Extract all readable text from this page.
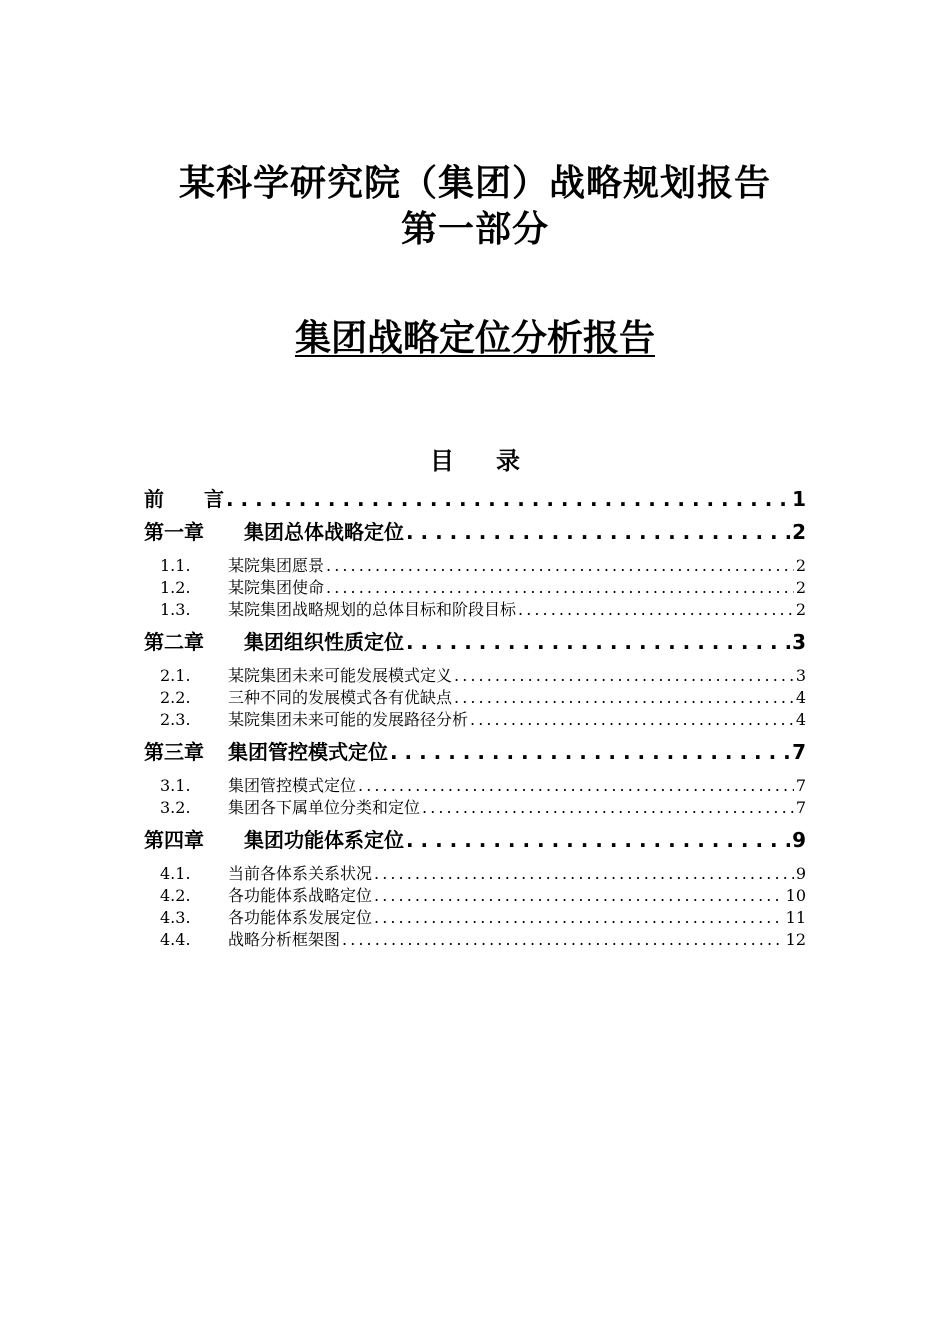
某科学研究院（集团）战略规划报告
第一部分
集团战略定位分析报告
目录
前　　言 . . .	1
第一章	集团总体战略定位 . . .	2
1.1.	某院集团愿景 . . .	2
1.2.	某院集团使命 . . .	2
1.3.	某院集团战略规划的总体目标和阶段目标 . . .	2
第二章	集团组织性质定位 . . .	3
2.1.	某院集团未来可能发展模式定义 . . .	3
2.2.	三种不同的发展模式各有优缺点 . . .	4
2.3.	某院集团未来可能的发展路径分析 . . .	4
第三章	集团管控模式定位 . . .	7
3.1.	集团管控模式定位 . . .	7
3.2.	集团各下属单位分类和定位 . . .	7
第四章	集团功能体系定位 . . .	9
4.1.	当前各体系关系状况 . . .	9
4.2.	各功能体系战略定位 . . .	10
4.3.	各功能体系发展定位 . . .	11
4.4.	战略分析框架图 . . .	12
